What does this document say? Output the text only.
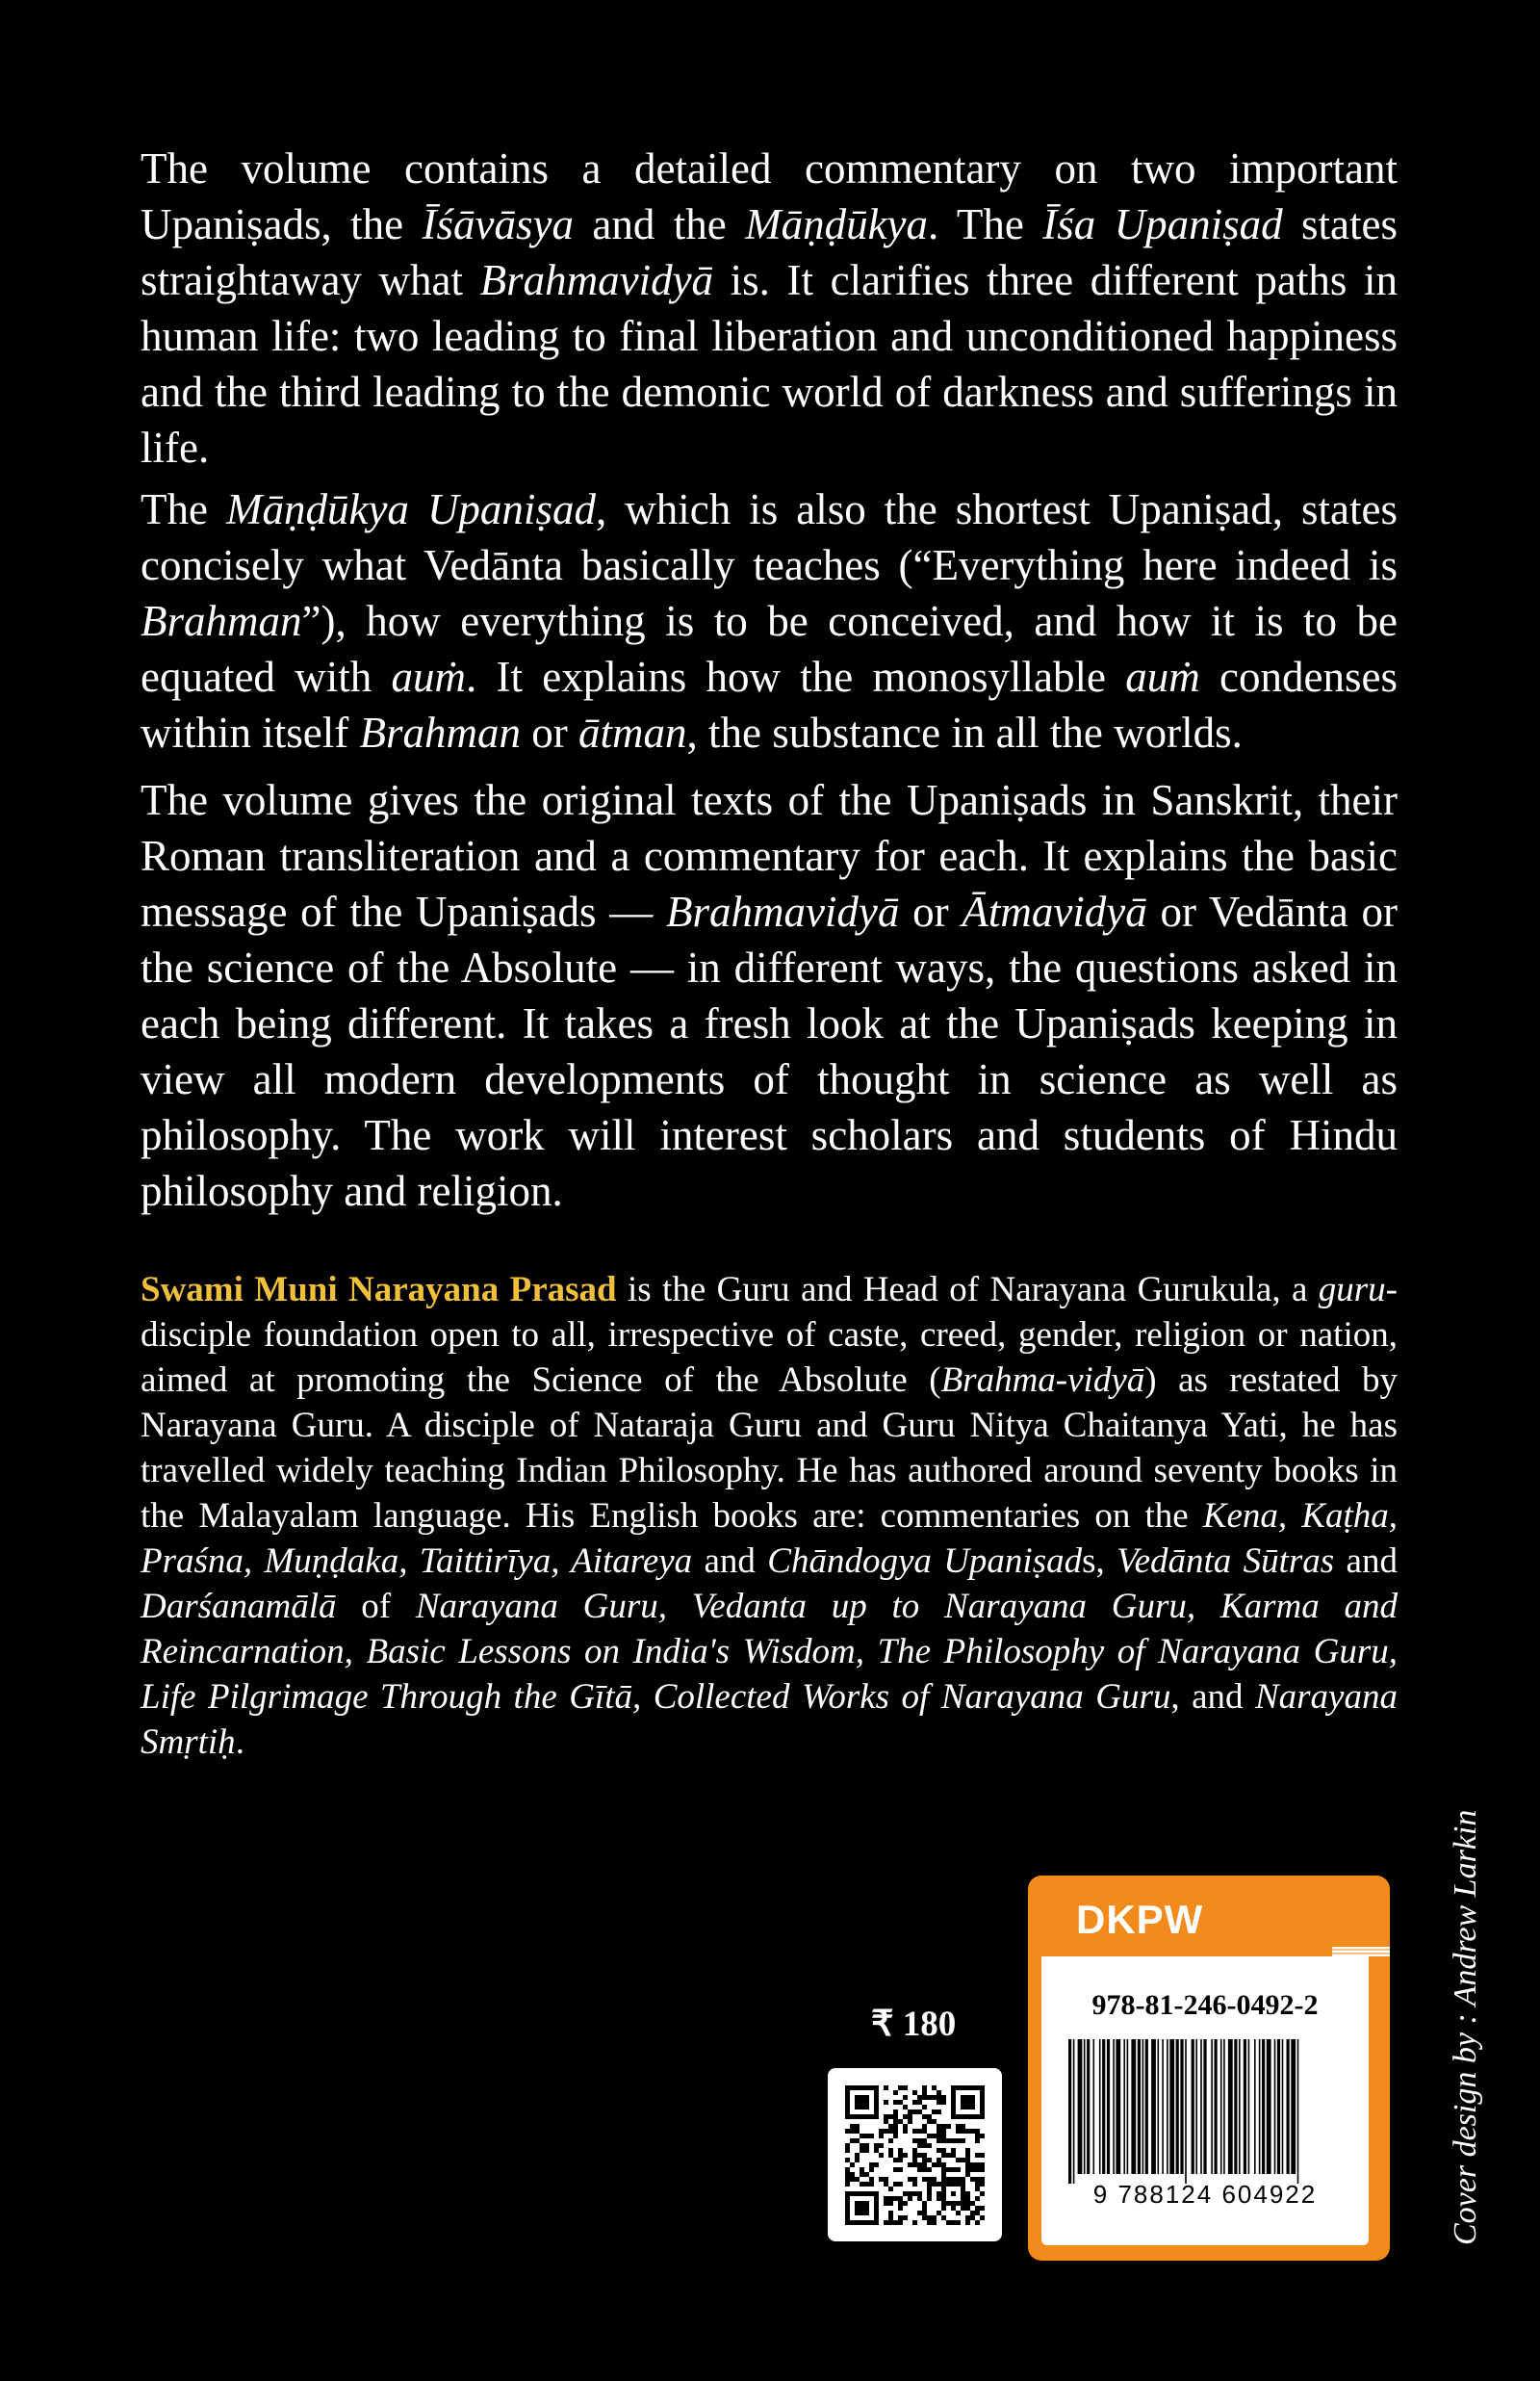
The volume contains a detailed commentary on two important Upaniṣads, the Īśāvāsya and the Māṇḍūkya. The Īśa Upaniṣad states straightaway what Brahmavidyā is. It clarifies three different paths in human life: two leading to final liberation and unconditioned happiness and the third leading to the demonic world of darkness and sufferings in life.

The Māṇḍūkya Upaniṣad, which is also the shortest Upaniṣad, states concisely what Vedānta basically teaches (“Everything here indeed is Brahman”), how everything is to be conceived, and how it is to be equated with auṁ. It explains how the monosyllable auṁ condenses within itself Brahman or ātman, the substance in all the worlds.

The volume gives the original texts of the Upaniṣads in Sanskrit, their Roman transliteration and a commentary for each. It explains the basic message of the Upaniṣads — Brahmavidyā or Ātmavidyā or Vedānta or the science of the Absolute — in different ways, the questions asked in each being different. It takes a fresh look at the Upaniṣads keeping in view all modern developments of thought in science as well as philosophy. The work will interest scholars and students of Hindu philosophy and religion.

Swami Muni Narayana Prasad is the Guru and Head of Narayana Gurukula, a guru-disciple foundation open to all, irrespective of caste, creed, gender, religion or nation, aimed at promoting the Science of the Absolute (Brahma-vidyā) as restated by Narayana Guru. A disciple of Nataraja Guru and Guru Nitya Chaitanya Yati, he has travelled widely teaching Indian Philosophy. He has authored around seventy books in the Malayalam language. His English books are: commentaries on the Kena, Kaṭha, Praśna, Muṇḍaka, Taittirīya, Aitareya and Chāndogya Upaniṣads, Vedānta Sūtras and Darśanamālā of Narayana Guru, Vedanta up to Narayana Guru, Karma and Reincarnation, Basic Lessons on India's Wisdom, The Philosophy of Narayana Guru, Life Pilgrimage Through the Gītā, Collected Works of Narayana Guru, and Narayana Smṛtiḥ.

₹ 180
DKPW
978-81-246-0492-2
9 788124 604922	Cover design by : Andrew Larkin
